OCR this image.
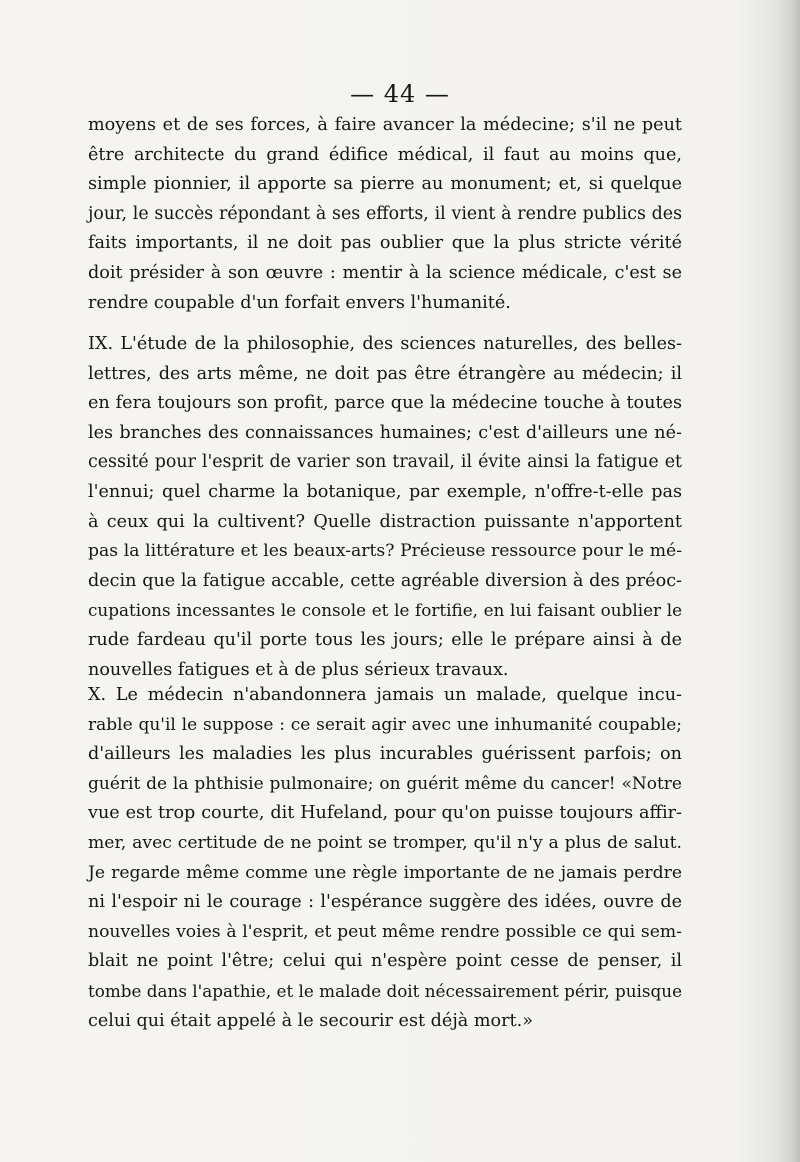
— 44 —
moyens et de ses forces, à faire avancer la médecine; s'il ne peut
être architecte du grand édifice médical, il faut au moins que,
simple pionnier, il apporte sa pierre au monument; et, si quelque
jour, le succès répondant à ses efforts, il vient à rendre publics des
faits importants, il ne doit pas oublier que la plus stricte vérité
doit présider à son œuvre : mentir à la science médicale, c'est se
rendre coupable d'un forfait envers l'humanité.
IX. L'étude de la philosophie, des sciences naturelles, des belles-
lettres, des arts même, ne doit pas être étrangère au médecin; il
en fera toujours son profit, parce que la médecine touche à toutes
les branches des connaissances humaines; c'est d'ailleurs une né-
cessité pour l'esprit de varier son travail, il évite ainsi la fatigue et
l'ennui; quel charme la botanique, par exemple, n'offre-t-elle pas
à ceux qui la cultivent? Quelle distraction puissante n'apportent
pas la littérature et les beaux-arts? Précieuse ressource pour le mé-
decin que la fatigue accable, cette agréable diversion à des préoc-
cupations incessantes le console et le fortifie, en lui faisant oublier le
rude fardeau qu'il porte tous les jours; elle le prépare ainsi à de
nouvelles fatigues et à de plus sérieux travaux.
X. Le médecin n'abandonnera jamais un malade, quelque incu-
rable qu'il le suppose : ce serait agir avec une inhumanité coupable;
d'ailleurs les maladies les plus incurables guérissent parfois; on
guérit de la phthisie pulmonaire; on guérit même du cancer! «Notre
vue est trop courte, dit Hufeland, pour qu'on puisse toujours affir-
mer, avec certitude de ne point se tromper, qu'il n'y a plus de salut.
Je regarde même comme une règle importante de ne jamais perdre
ni l'espoir ni le courage : l'espérance suggère des idées, ouvre de
nouvelles voies à l'esprit, et peut même rendre possible ce qui sem-
blait ne point l'être; celui qui n'espère point cesse de penser, il
tombe dans l'apathie, et le malade doit nécessairement périr, puisque
celui qui était appelé à le secourir est déjà mort.»
